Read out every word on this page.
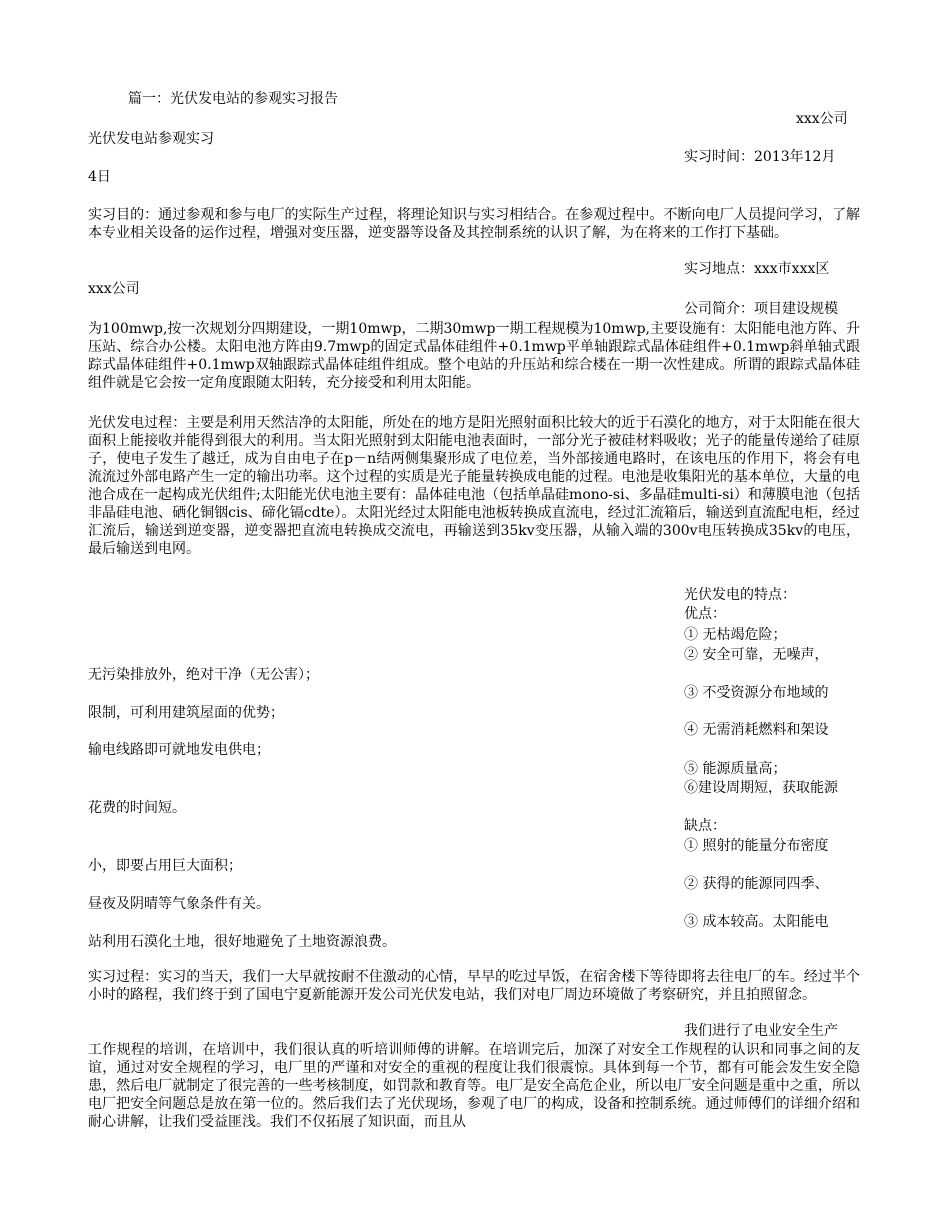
篇一：光伏发电站的参观实习报告
xxx公司
光伏发电站参观实习
实习时间：2013年12月
4日
实习目的：通过参观和参与电厂的实际生产过程，将理论知识与实习相结合。在参观过程中。不断向电厂人员提问学习，了解本专业相关设备的运作过程，增强对变压器，逆变器等设备及其控制系统的认识了解，为在将来的工作打下基础。
实习地点：xxx市xxx区
xxx公司
公司简介：项目建设规模
为100mwp,按一次规划分四期建设，一期10mwp，二期30mwp一期工程规模为10mwp,主要设施有：太阳能电池方阵、升压站、综合办公楼。太阳电池方阵由9.7mwp的固定式晶体硅组件+0.1mwp平单轴跟踪式晶体硅组件+0.1mwp斜单轴式跟踪式晶体硅组件+0.1mwp双轴跟踪式晶体硅组件组成。整个电站的升压站和综合楼在一期一次性建成。所谓的跟踪式晶体硅组件就是它会按一定角度跟随太阳转，充分接受和利用太阳能。
光伏发电过程：主要是利用天然洁净的太阳能，所处在的地方是阳光照射面积比较大的近于石漠化的地方，对于太阳能在很大面积上能接收并能得到很大的利用。当太阳光照射到太阳能电池表面时，一部分光子被硅材料吸收；光子的能量传递给了硅原子，使电子发生了越迁，成为自由电子在p－n结两侧集聚形成了电位差，当外部接通电路时，在该电压的作用下，将会有电流流过外部电路产生一定的输出功率。这个过程的实质是光子能量转换成电能的过程。电池是收集阳光的基本单位，大量的电池合成在一起构成光伏组件;太阳能光伏电池主要有：晶体硅电池（包括单晶硅mono-si、多晶硅multi-si）和薄膜电池（包括非晶硅电池、硒化铜铟cis、碲化镉cdte）。太阳光经过太阳能电池板转换成直流电，经过汇流箱后，输送到直流配电柜，经过汇流后，输送到逆变器，逆变器把直流电转换成交流电，再输送到35kv变压器，从输入端的300v电压转换成35kv的电压，最后输送到电网。
光伏发电的特点：
优点：
① 无枯竭危险；
② 安全可靠，无噪声，
无污染排放外，绝对干净（无公害）；
③ 不受资源分布地域的
限制，可利用建筑屋面的优势；
④ 无需消耗燃料和架设
输电线路即可就地发电供电；
⑤ 能源质量高；
⑥建设周期短，获取能源
花费的时间短。
缺点：
① 照射的能量分布密度
小，即要占用巨大面积；
② 获得的能源同四季、
昼夜及阴晴等气象条件有关。
③ 成本较高。太阳能电
站利用石漠化土地，很好地避免了土地资源浪费。
实习过程：实习的当天，我们一大早就按耐不住激动的心情，早早的吃过早饭，在宿舍楼下等待即将去往电厂的车。经过半个小时的路程，我们终于到了国电宁夏新能源开发公司光伏发电站，我们对电厂周边环境做了考察研究，并且拍照留念。
我们进行了电业安全生产
工作规程的培训，在培训中，我们很认真的听培训师傅的讲解。在培训完后，加深了对安全工作规程的认识和同事之间的友谊，通过对安全规程的学习，电厂里的严谨和对安全的重视的程度让我们很震惊。具体到每一个节，都有可能会发生安全隐患，然后电厂就制定了很完善的一些考核制度，如罚款和教育等。电厂是安全高危企业，所以电厂安全问题是重中之重，所以电厂把安全问题总是放在第一位的。然后我们去了光伏现场，参观了电厂的构成，设备和控制系统。通过师傅们的详细介绍和耐心讲解，让我们受益匪浅。我们不仅拓展了知识面，而且从
